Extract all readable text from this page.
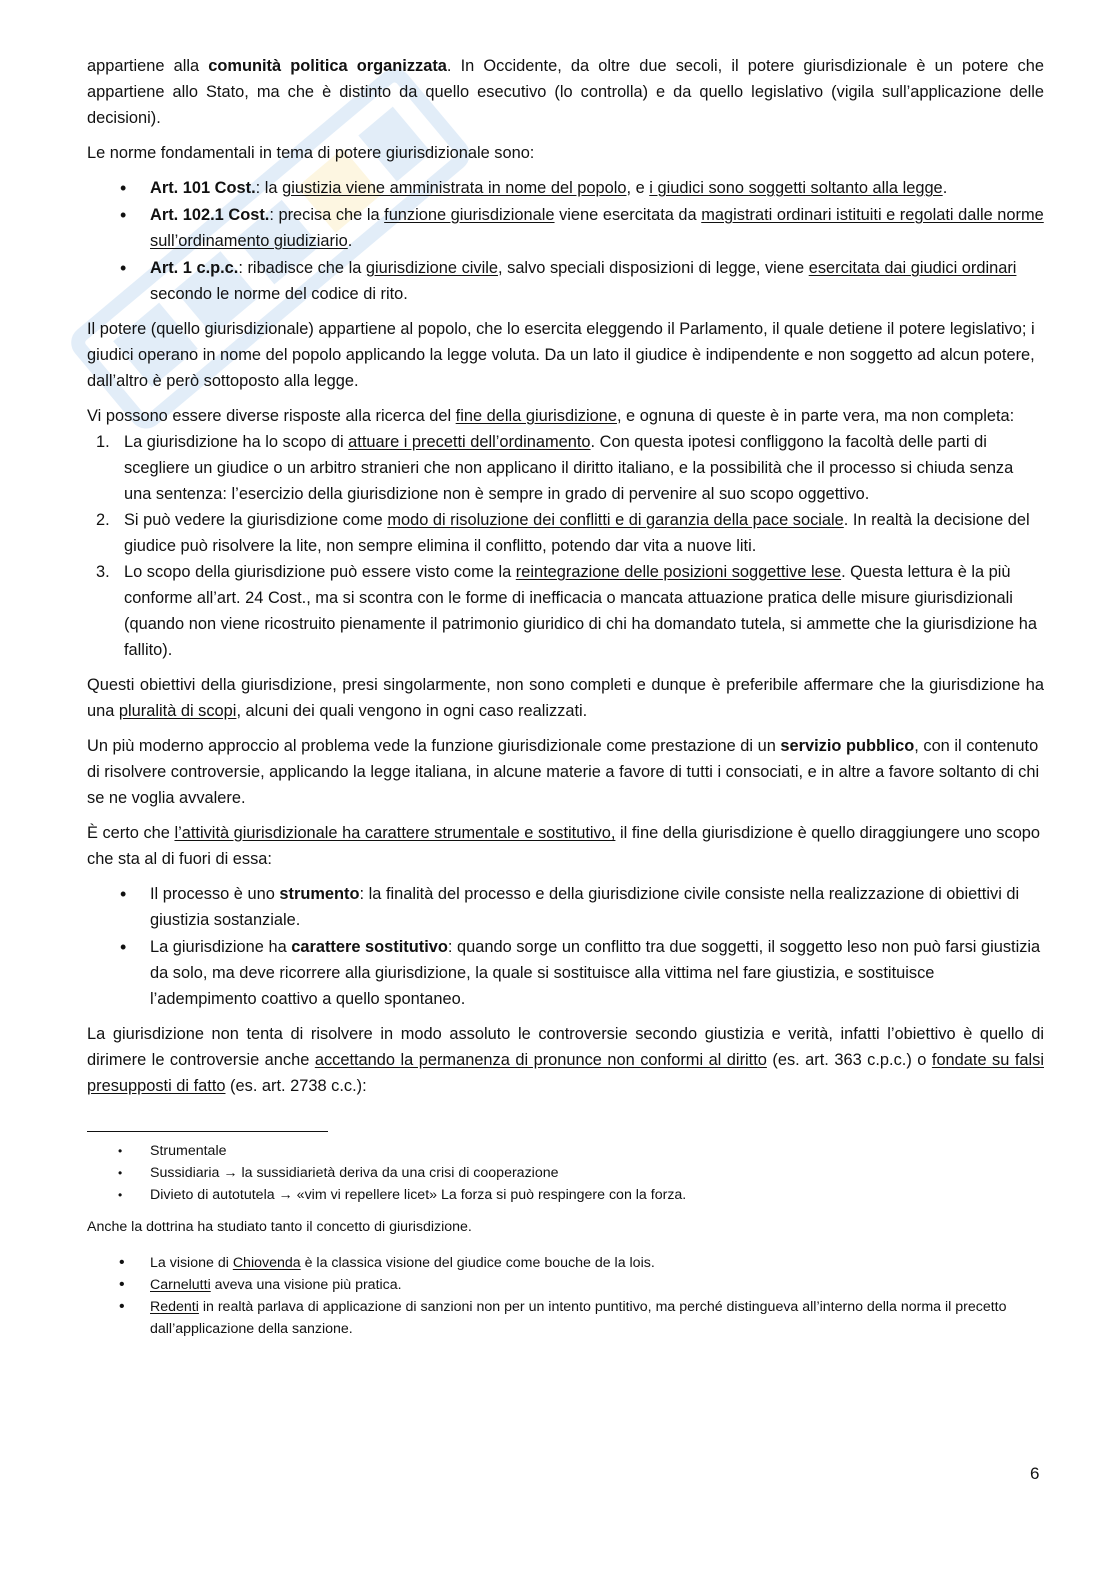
appartiene alla comunità politica organizzata. In Occidente, da oltre due secoli, il potere giurisdizionale è un potere che appartiene allo Stato, ma che è distinto da quello esecutivo (lo controlla) e da quello legislativo (vigila sull’applicazione delle decisioni).

Le norme fondamentali in tema di potere giurisdizionale sono:

• Art. 101 Cost.: la giustizia viene amministrata in nome del popolo, e i giudici sono soggetti soltanto alla legge.
• Art. 102.1 Cost.: precisa che la funzione giurisdizionale viene esercitata da magistrati ordinari istituiti e regolati dalle norme sull’ordinamento giudiziario.
• Art. 1 c.p.c.: ribadisce che la giurisdizione civile, salvo speciali disposizioni di legge, viene esercitata dai giudici ordinari secondo le norme del codice di rito.

Il potere (quello giurisdizionale) appartiene al popolo, che lo esercita eleggendo il Parlamento, il quale detiene il potere legislativo; i giudici operano in nome del popolo applicando la legge voluta. Da un lato il giudice è indipendente e non soggetto ad alcun potere, dall’altro è però sottoposto alla legge.

Vi possono essere diverse risposte alla ricerca del fine della giurisdizione, e ognuna di queste è in parte vera, ma non completa:

1. La giurisdizione ha lo scopo di attuare i precetti dell’ordinamento. Con questa ipotesi confliggono la facoltà delle parti di scegliere un giudice o un arbitro stranieri che non applicano il diritto italiano, e la possibilità che il processo si chiuda senza una sentenza: l’esercizio della giurisdizione non è sempre in grado di pervenire al suo scopo oggettivo.
2. Si può vedere la giurisdizione come modo di risoluzione dei conflitti e di garanzia della pace sociale. In realtà la decisione del giudice può risolvere la lite, non sempre elimina il conflitto, potendo dar vita a nuove liti.
3. Lo scopo della giurisdizione può essere visto come la reintegrazione delle posizioni soggettive lese. Questa lettura è la più conforme all’art. 24 Cost., ma si scontra con le forme di inefficacia o mancata attuazione pratica delle misure giurisdizionali (quando non viene ricostruito pienamente il patrimonio giuridico di chi ha domandato tutela, si ammette che la giurisdizione ha fallito).

Questi obiettivi della giurisdizione, presi singolarmente, non sono completi e dunque è preferibile affermare che la giurisdizione ha una pluralità di scopi, alcuni dei quali vengono in ogni caso realizzati.

Un più moderno approccio al problema vede la funzione giurisdizionale come prestazione di un servizio pubblico, con il contenuto di risolvere controversie, applicando la legge italiana, in alcune materie a favore di tutti i consociati, e in altre a favore soltanto di chi se ne voglia avvalere.

È certo che l’attività giurisdizionale ha carattere strumentale e sostitutivo, il fine della giurisdizione è quello diraggiungere uno scopo che sta al di fuori di essa:

• Il processo è uno strumento: la finalità del processo e della giurisdizione civile consiste nella realizzazione di obiettivi di giustizia sostanziale.
• La giurisdizione ha carattere sostitutivo: quando sorge un conflitto tra due soggetti, il soggetto leso non può farsi giustizia da solo, ma deve ricorrere alla giurisdizione, la quale si sostituisce alla vittima nel fare giustizia, e sostituisce l’adempimento coattivo a quello spontaneo.

La giurisdizione non tenta di risolvere in modo assoluto le controversie secondo giustizia e verità, infatti l’obiettivo è quello di dirimere le controversie anche accettando la permanenza di pronunce non conformi al diritto (es. art. 363 c.p.c.) o fondate su falsi presupposti di fatto (es. art. 2738 c.c.):

• Strumentale
• Sussidiaria → la sussidiarietà deriva da una crisi di cooperazione
• Divieto di autotutela → «vim vi repellere licet» La forza si può respingere con la forza.

Anche la dottrina ha studiato tanto il concetto di giurisdizione.

• La visione di Chiovenda è la classica visione del giudice come bouche de la lois.
• Carnelutti aveva una visione più pratica.
• Redenti in realtà parlava di applicazione di sanzioni non per un intento puntitivo, ma perché distingueva all’interno della norma il precetto dall’applicazione della sanzione.
6
